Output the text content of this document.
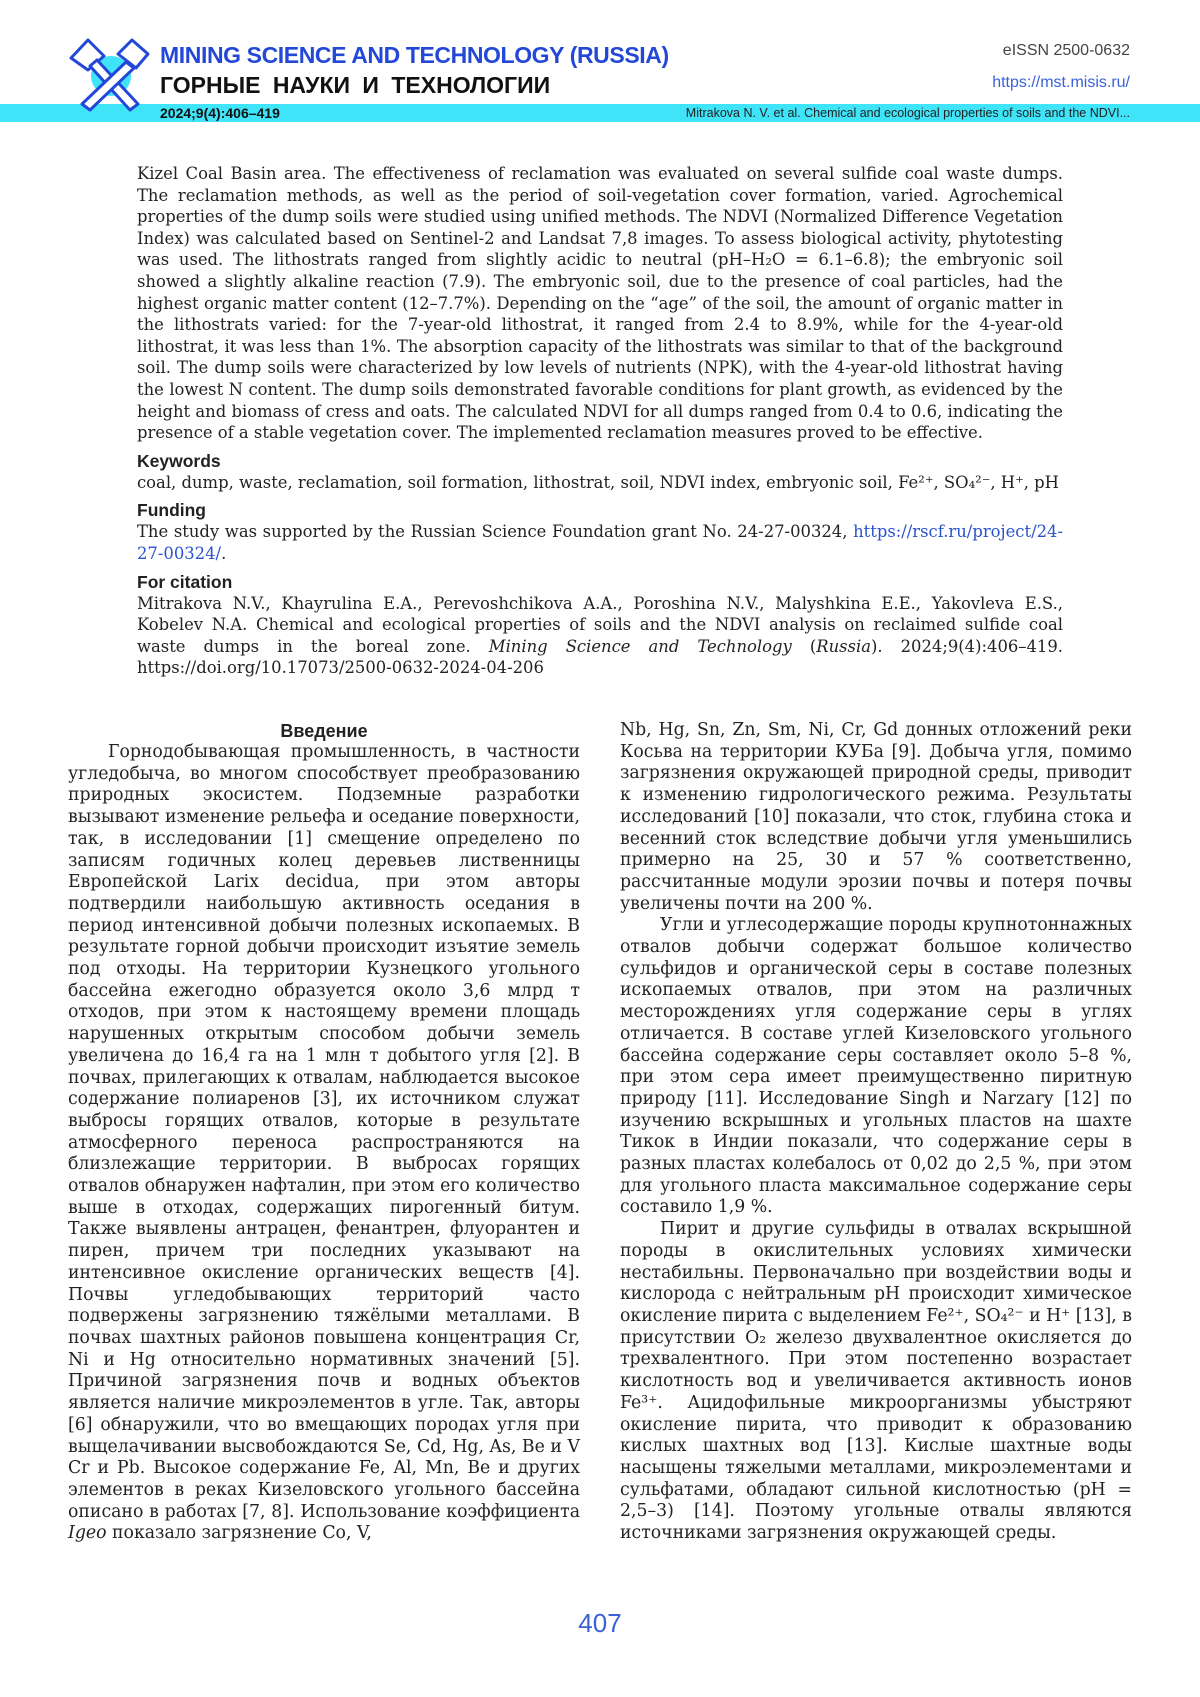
MINING SCIENCE AND TECHNOLOGY (RUSSIA)
ГОРНЫЕ НАУКИ И ТЕХНОЛОГИИ
eISSN 2500-0632
https://mst.misis.ru/
2024;9(4):406–419	Mitrakova N. V. et al. Chemical and ecological properties of soils and the NDVI...

Kizel Coal Basin area. The effectiveness of reclamation was evaluated on several sulfide coal waste dumps. The reclamation methods, as well as the period of soil-vegetation cover formation, varied. Agrochemical properties of the dump soils were studied using unified methods. The NDVI (Normalized Difference Vegetation Index) was calculated based on Sentinel-2 and Landsat 7,8 images. To assess biological activity, phytotesting was used. The lithostrats ranged from slightly acidic to neutral (pH–H₂O = 6.1–6.8); the embryonic soil showed a slightly alkaline reaction (7.9). The embryonic soil, due to the presence of coal particles, had the highest organic matter content (12–7.7%). Depending on the “age” of the soil, the amount of organic matter in the lithostrats varied: for the 7-year-old lithostrat, it ranged from 2.4 to 8.9%, while for the 4-year-old lithostrat, it was less than 1%. The absorption capacity of the lithostrats was similar to that of the background soil. The dump soils were characterized by low levels of nutrients (NPK), with the 4-year-old lithostrat having the lowest N content. The dump soils demonstrated favorable conditions for plant growth, as evidenced by the height and biomass of cress and oats. The calculated NDVI for all dumps ranged from 0.4 to 0.6, indicating the presence of a stable vegetation cover. The implemented reclamation measures proved to be effective.

Keywords

coal, dump, waste, reclamation, soil formation, lithostrat, soil, NDVI index, embryonic soil, Fe²⁺, SO₄²⁻, H⁺, pH

Funding

The study was supported by the Russian Science Foundation grant No. 24-27-00324, https://rscf.ru/project/24-27-00324/.

For citation

Mitrakova N.V., Khayrulina E.A., Perevoshchikova A.A., Poroshina N.V., Malyshkina E.E., Yakovleva E.S., Kobelev N.A. Chemical and ecological properties of soils and the NDVI analysis on reclaimed sulfide coal waste dumps in the boreal zone. Mining Science and Technology (Russia). 2024;9(4):406–419. https://doi.org/10.17073/2500-0632-2024-04-206

Введение

Горнодобывающая промышленность, в частности угледобыча, во многом способствует преобразованию природных экосистем. Подземные разработки вызывают изменение рельефа и оседание поверхности, так, в исследовании [1] смещение определено по записям годичных колец деревьев лиственницы Европейской Larix decidua, при этом авторы подтвердили наибольшую активность оседания в период интенсивной добычи полезных ископаемых. В результате горной добычи происходит изъятие земель под отходы. На территории Кузнецкого угольного бассейна ежегодно образуется около 3,6 млрд т отходов, при этом к настоящему времени площадь нарушенных открытым способом добычи земель увеличена до 16,4 га на 1 млн т добытого угля [2]. В почвах, прилегающих к отвалам, наблюдается высокое содержание полиаренов [3], их источником служат выбросы горящих отвалов, которые в результате атмосферного переноса распространяются на близлежащие территории. В выбросах горящих отвалов обнаружен нафталин, при этом его количество выше в отходах, содержащих пирогенный битум. Также выявлены антрацен, фенантрен, флуорантен и пирен, причем три последних указывают на интенсивное окисление органических веществ [4]. Почвы угледобывающих территорий часто подвержены загрязнению тяжёлыми металлами. В почвах шахтных районов повышена концентрация Cr, Ni и Hg относительно нормативных значений [5]. Причиной загрязнения почв и водных объектов является наличие микроэлементов в угле. Так, авторы [6] обнаружили, что во вмещающих породах угля при выщелачивании высвобождаются Se, Cd, Hg, As, Be и V Cr и Pb. Высокое содержание Fe, Al, Mn, Be и других элементов в реках Кизеловского угольного бассейна описано в работах [7, 8]. Использование коэффициента Igeo показало загрязнение Co, V,

Nb, Hg, Sn, Zn, Sm, Ni, Cr, Gd донных отложений реки Косьва на территории КУБа [9]. Добыча угля, помимо загрязнения окружающей природной среды, приводит к изменению гидрологического режима. Результаты исследований [10] показали, что сток, глубина стока и весенний сток вследствие добычи угля уменьшились примерно на 25, 30 и 57 % соответственно, рассчитанные модули эрозии почвы и потеря почвы увеличены почти на 200 %.

Угли и углесодержащие породы крупнотоннажных отвалов добычи содержат большое количество сульфидов и органической серы в составе полезных ископаемых отвалов, при этом на различных месторождениях угля содержание серы в углях отличается. В составе углей Кизеловского угольного бассейна содержание серы составляет около 5–8 %, при этом сера имеет преимущественно пиритную природу [11]. Исследование Singh и Narzary [12] по изучению вскрышных и угольных пластов на шахте Тикок в Индии показали, что содержание серы в разных пластах колебалось от 0,02 до 2,5 %, при этом для угольного пласта максимальное содержание серы составило 1,9 %.

Пирит и другие сульфиды в отвалах вскрышной породы в окислительных условиях химически нестабильны. Первоначально при воздействии воды и кислорода с нейтральным pH происходит химическое окисление пирита с выделением Fe²⁺, SO₄²⁻ и H⁺ [13], в присутствии O₂ железо двухвалентное окисляется до трехвалентного. При этом постепенно возрастает кислотность вод и увеличивается активность ионов Fe³⁺. Ацидофильные микроорганизмы убыстряют окисление пирита, что приводит к образованию кислых шахтных вод [13]. Кислые шахтные воды насыщены тяжелыми металлами, микроэлементами и сульфатами, обладают сильной кислотностью (pH = 2,5–3) [14]. Поэтому угольные отвалы являются источниками загрязнения окружающей среды.

407
